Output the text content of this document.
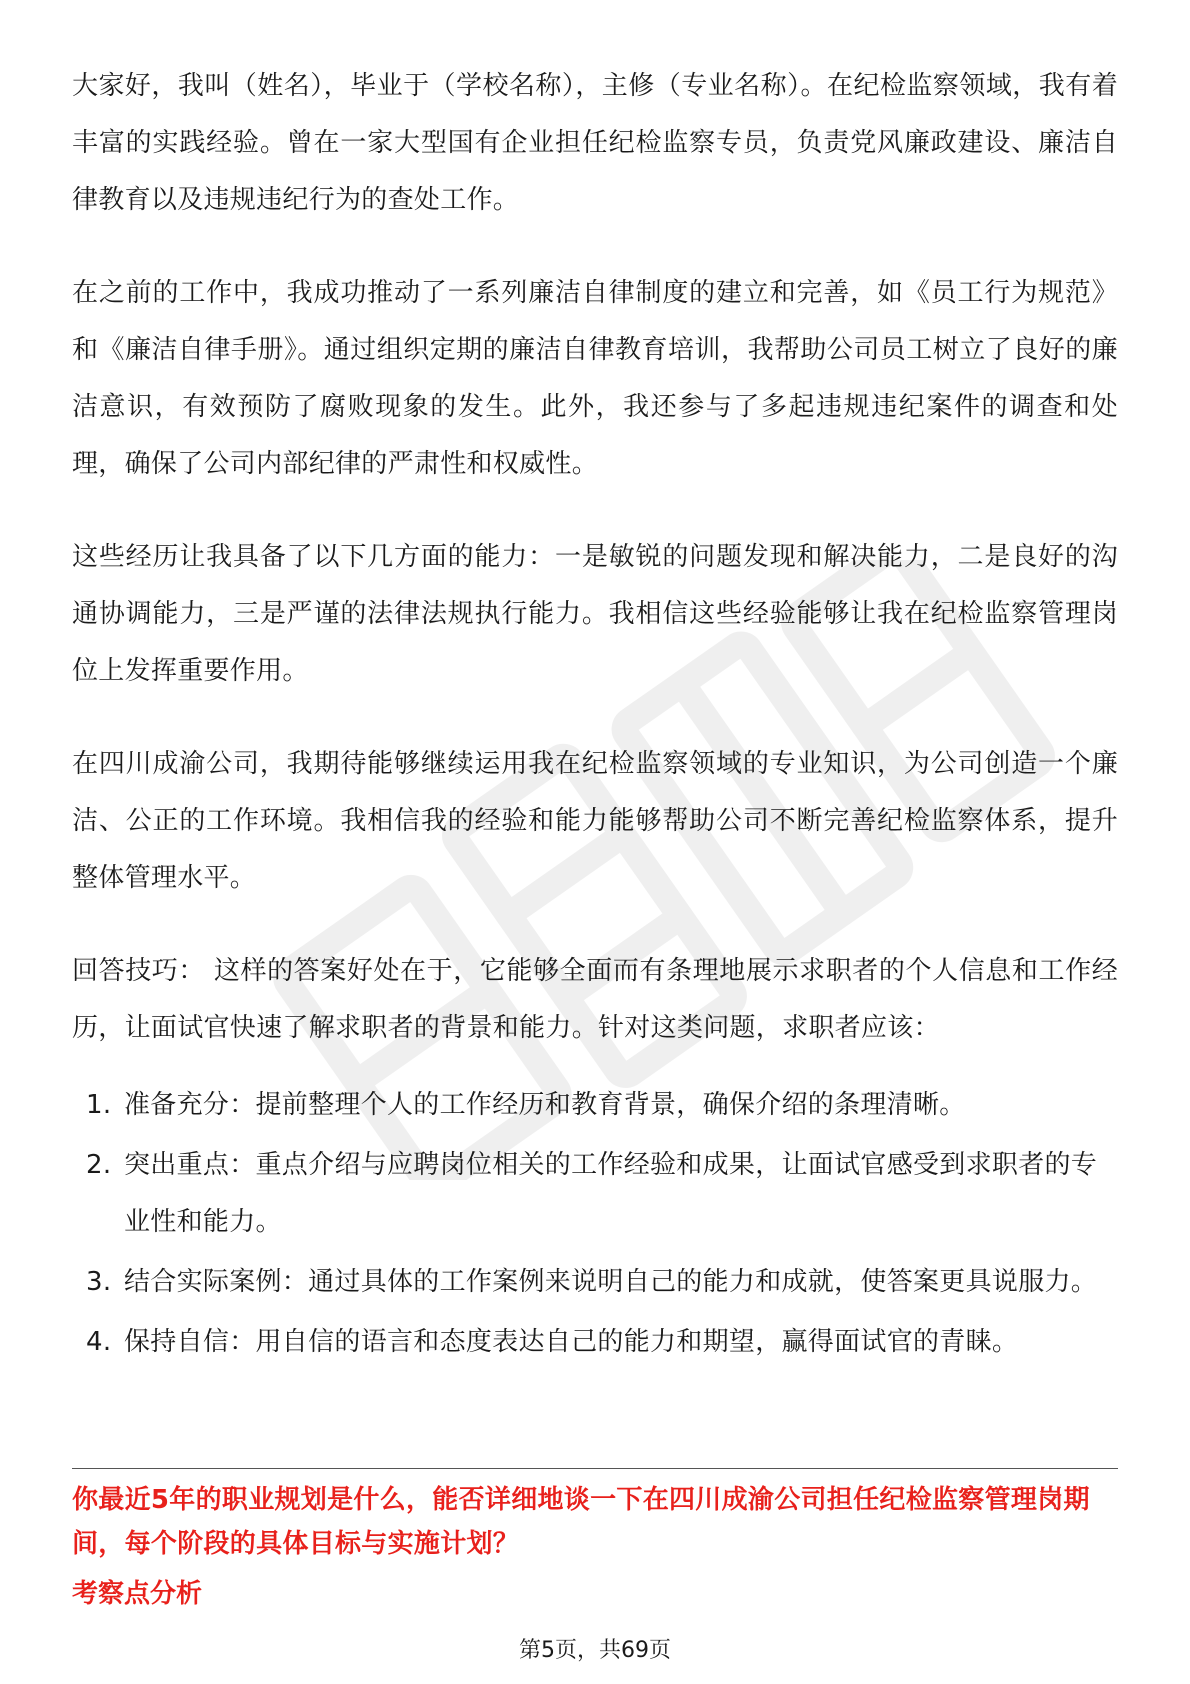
大家好，我叫（姓名），毕业于（学校名称），主修（专业名称）。在纪检监察领域，我有着丰富的实践经验。曾在一家大型国有企业担任纪检监察专员，负责党风廉政建设、廉洁自律教育以及违规违纪行为的查处工作。

在之前的工作中，我成功推动了一系列廉洁自律制度的建立和完善，如《员工行为规范》和《廉洁自律手册》。通过组织定期的廉洁自律教育培训，我帮助公司员工树立了良好的廉洁意识，有效预防了腐败现象的发生。此外，我还参与了多起违规违纪案件的调查和处理，确保了公司内部纪律的严肃性和权威性。

这些经历让我具备了以下几方面的能力：一是敏锐的问题发现和解决能力，二是良好的沟通协调能力，三是严谨的法律法规执行能力。我相信这些经验能够让我在纪检监察管理岗位上发挥重要作用。

在四川成渝公司，我期待能够继续运用我在纪检监察领域的专业知识，为公司创造一个廉洁、公正的工作环境。我相信我的经验和能力能够帮助公司不断完善纪检监察体系，提升整体管理水平。

回答技巧： 这样的答案好处在于，它能够全面而有条理地展示求职者的个人信息和工作经历，让面试官快速了解求职者的背景和能力。针对这类问题，求职者应该：

1. 准备充分：提前整理个人的工作经历和教育背景，确保介绍的条理清晰。
2. 突出重点：重点介绍与应聘岗位相关的工作经验和成果，让面试官感受到求职者的专业性和能力。
3. 结合实际案例：通过具体的工作案例来说明自己的能力和成就，使答案更具说服力。
4. 保持自信：用自信的语言和态度表达自己的能力和期望，赢得面试官的青睐。
你最近5年的职业规划是什么，能否详细地谈一下在四川成渝公司担任纪检监察管理岗期间，每个阶段的具体目标与实施计划？
考察点分析
第5页，共69页
